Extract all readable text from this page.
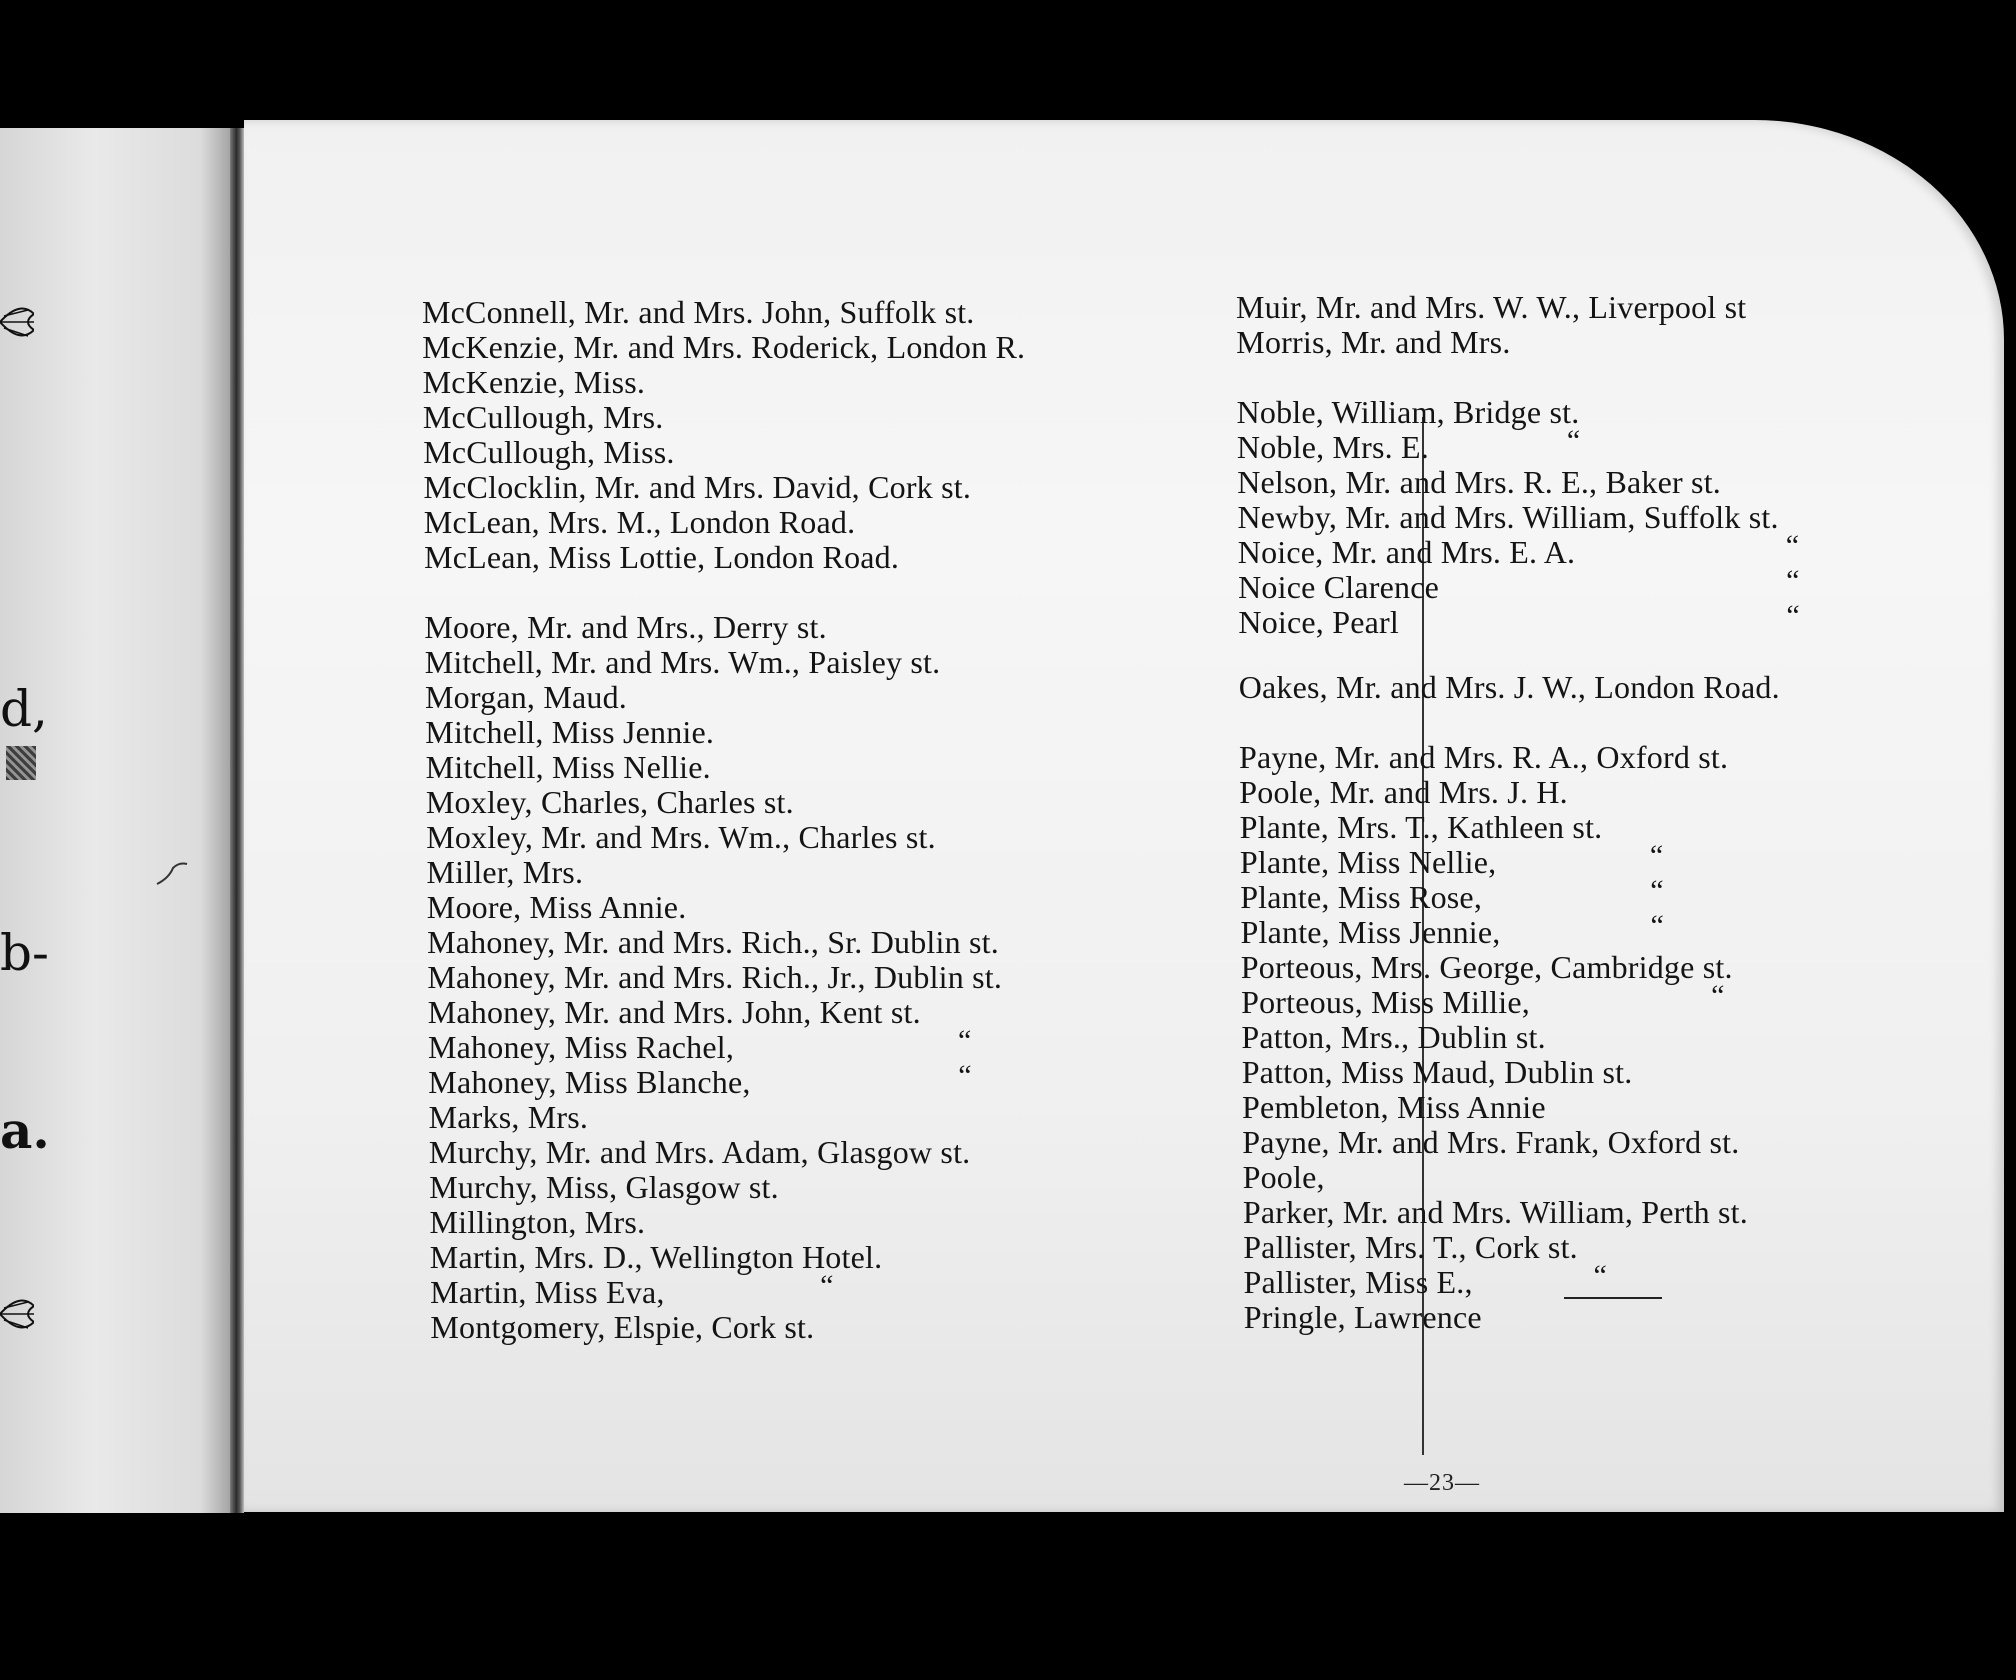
d,
b-
a.
McConnell, Mr. and Mrs. John, Suffolk st.
McKenzie, Mr. and Mrs. Roderick, London R.
McKenzie, Miss.
McCullough, Mrs.
McCullough, Miss.
McClocklin, Mr. and Mrs. David, Cork st.
McLean, Mrs. M., London Road.
McLean, Miss Lottie, London Road.
Moore, Mr. and Mrs., Derry st.
Mitchell, Mr. and Mrs. Wm., Paisley st.
Morgan, Maud.
Mitchell, Miss Jennie.
Mitchell, Miss Nellie.
Moxley, Charles, Charles st.
Moxley, Mr. and Mrs. Wm., Charles st.
Miller, Mrs.
Moore, Miss Annie.
Mahoney, Mr. and Mrs. Rich., Sr. Dublin st.
Mahoney, Mr. and Mrs. Rich., Jr., Dublin st.
Mahoney, Mr. and Mrs. John, Kent st.
Mahoney, Miss Rachel,	“
Mahoney, Miss Blanche,	“
Marks, Mrs.
Murchy, Mr. and Mrs. Adam, Glasgow st.
Murchy, Miss, Glasgow st.
Millington, Mrs.
Martin, Mrs. D., Wellington Hotel.
Martin, Miss Eva,	“
Montgomery, Elspie, Cork st.
Muir, Mr. and Mrs. W. W., Liverpool st
Morris, Mr. and Mrs.
Noble, William, Bridge st.
Noble, Mrs. E.	“
Nelson, Mr. and Mrs. R. E., Baker st.
Newby, Mr. and Mrs. William, Suffolk st.
Noice, Mr. and Mrs. E. A.	“
Noice Clarence	“
Noice, Pearl	“
Oakes, Mr. and Mrs. J. W., London Road.
Payne, Mr. and Mrs. R. A., Oxford st.
Poole, Mr. and Mrs. J. H.
Plante, Mrs. T., Kathleen st.
Plante, Miss Nellie,	“
Plante, Miss Rose,	“
Plante, Miss Jennie,	“
Porteous, Mrs. George, Cambridge st.
Porteous, Miss Millie,	“
Patton, Mrs., Dublin st.
Patton, Miss Maud, Dublin st.
Pembleton, Miss Annie
Payne, Mr. and Mrs. Frank, Oxford st.
Poole,
Parker, Mr. and Mrs. William, Perth st.
Pallister, Mrs. T., Cork st.
Pallister, Miss E.,	“
Pringle, Lawrence
—23—
